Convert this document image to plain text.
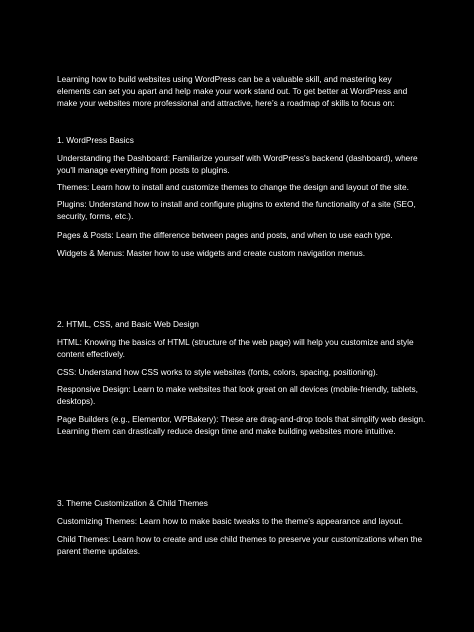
Learning how to build websites using WordPress can be a valuable skill, and mastering key elements can set you apart and help make your work stand out. To get better at WordPress and make your websites more professional and attractive, here’s a roadmap of skills to focus on:

1. WordPress Basics

Understanding the Dashboard: Familiarize yourself with WordPress's backend (dashboard), where you'll manage everything from posts to plugins.

Themes: Learn how to install and customize themes to change the design and layout of the site.

Plugins: Understand how to install and configure plugins to extend the functionality of a site (SEO, security, forms, etc.).

Pages & Posts: Learn the difference between pages and posts, and when to use each type.

Widgets & Menus: Master how to use widgets and create custom navigation menus.

2. HTML, CSS, and Basic Web Design

HTML: Knowing the basics of HTML (structure of the web page) will help you customize and style content effectively.

CSS: Understand how CSS works to style websites (fonts, colors, spacing, positioning).

Responsive Design: Learn to make websites that look great on all devices (mobile-friendly, tablets, desktops).

Page Builders (e.g., Elementor, WPBakery): These are drag-and-drop tools that simplify web design. Learning them can drastically reduce design time and make building websites more intuitive.

3. Theme Customization & Child Themes

Customizing Themes: Learn how to make basic tweaks to the theme’s appearance and layout.

Child Themes: Learn how to create and use child themes to preserve your customizations when the parent theme updates.
